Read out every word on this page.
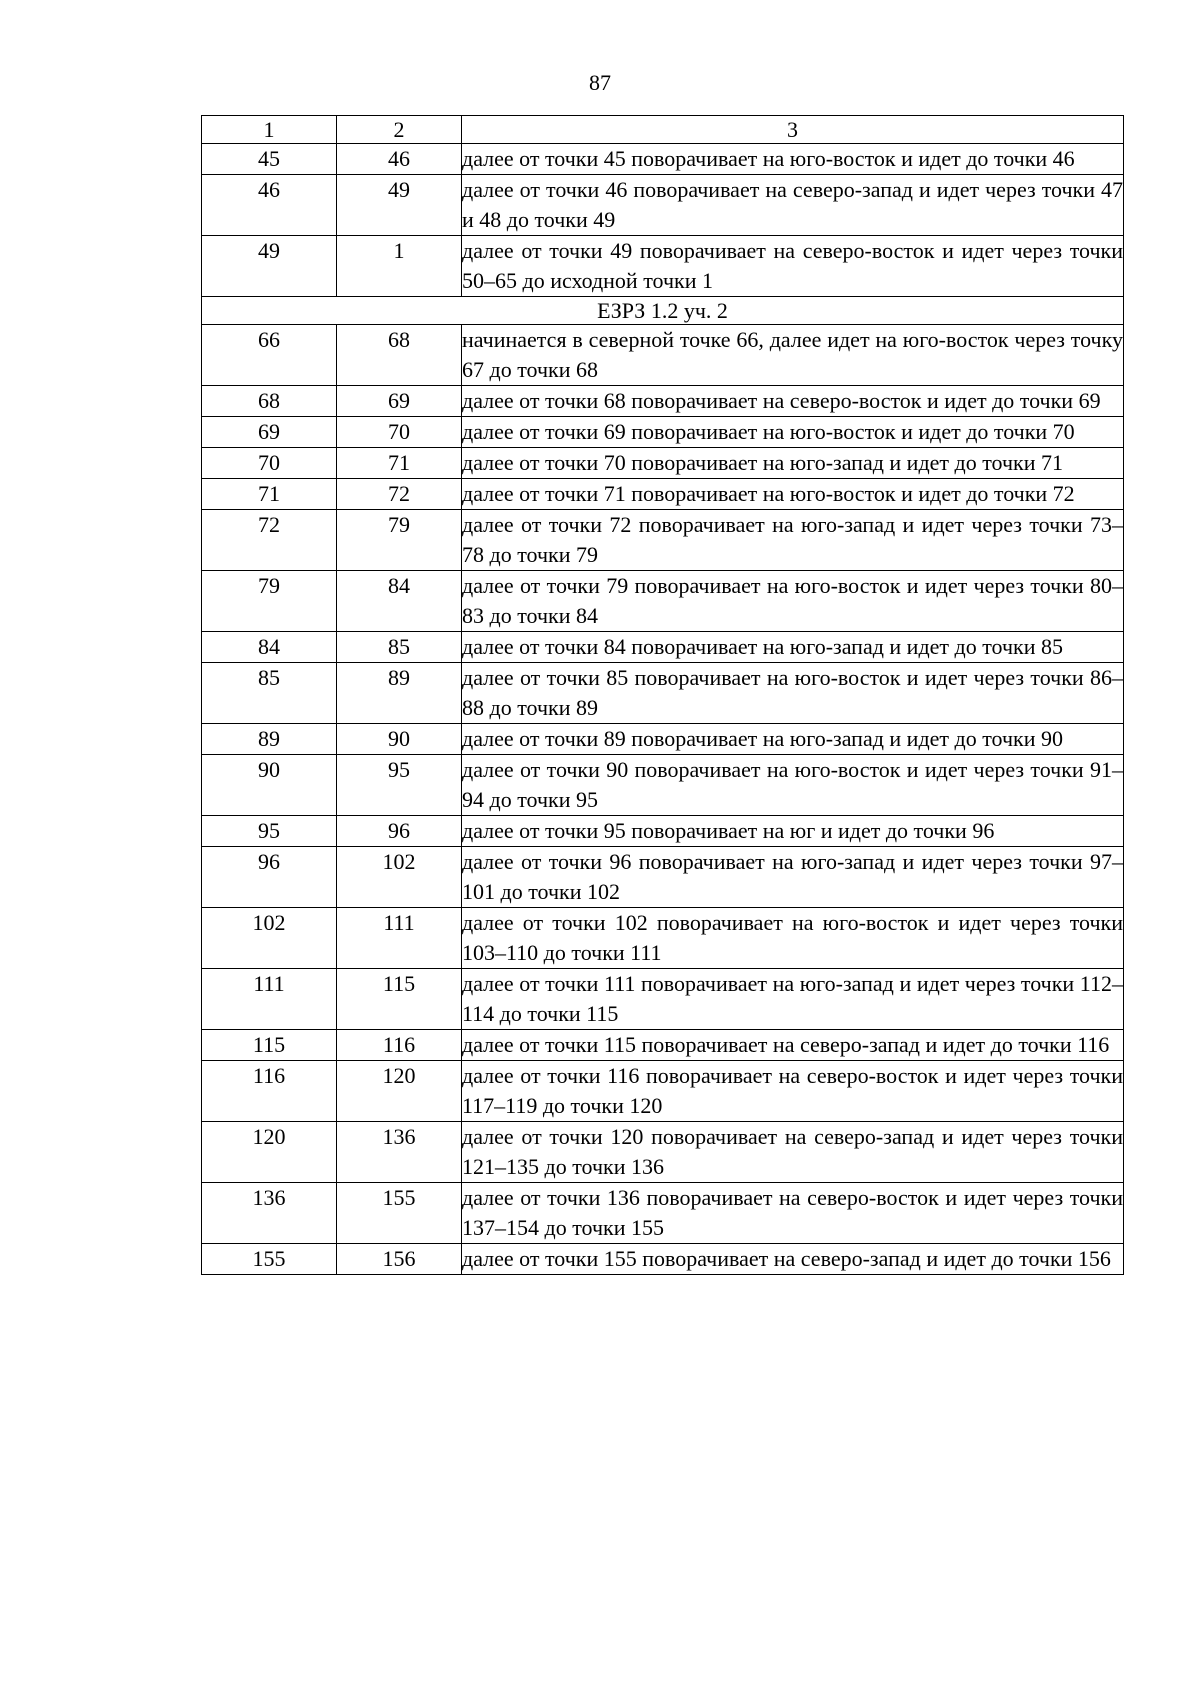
87
1	2	3
45	46	далее от точки 45 поворачивает на юго-восток и идет до точки 46
46	49	далее от точки 46 поворачивает на северо-запад и идет через точки 47 и 48 до точки 49
49	1	далее от точки 49 поворачивает на северо-восток и идет через точки 50–65 до исходной точки 1
ЕЗРЗ 1.2 уч. 2		
66	68	начинается в северной точке 66, далее идет на юго-восток через точку 67 до точки 68
68	69	далее от точки 68 поворачивает на северо-восток и идет до точки 69
69	70	далее от точки 69 поворачивает на юго-восток и идет до точки 70
70	71	далее от точки 70 поворачивает на юго-запад и идет до точки 71
71	72	далее от точки 71 поворачивает на юго-восток и идет до точки 72
72	79	далее от точки 72 поворачивает на юго-запад и идет через точки 73–78 до точки 79
79	84	далее от точки 79 поворачивает на юго-восток и идет через точки 80–83 до точки 84
84	85	далее от точки 84 поворачивает на юго-запад и идет до точки 85
85	89	далее от точки 85 поворачивает на юго-восток и идет через точки 86–88 до точки 89
89	90	далее от точки 89 поворачивает на юго-запад и идет до точки 90
90	95	далее от точки 90 поворачивает на юго-восток и идет через точки 91–94 до точки 95
95	96	далее от точки 95 поворачивает на юг и идет до точки 96
96	102	далее от точки 96 поворачивает на юго-запад и идет через точки 97–101 до точки 102
102	111	далее от точки 102 поворачивает на юго-восток и идет через точки 103–110 до точки 111
111	115	далее от точки 111 поворачивает на юго-запад и идет через точки 112–114 до точки 115
115	116	далее от точки 115 поворачивает на северо-запад и идет до точки 116
116	120	далее от точки 116 поворачивает на северо-восток и идет через точки 117–119 до точки 120
120	136	далее от точки 120 поворачивает на северо-запад и идет через точки 121–135 до точки 136
136	155	далее от точки 136 поворачивает на северо-восток и идет через точки 137–154 до точки 155
155	156	далее от точки 155 поворачивает на северо-запад и идет до точки 156
